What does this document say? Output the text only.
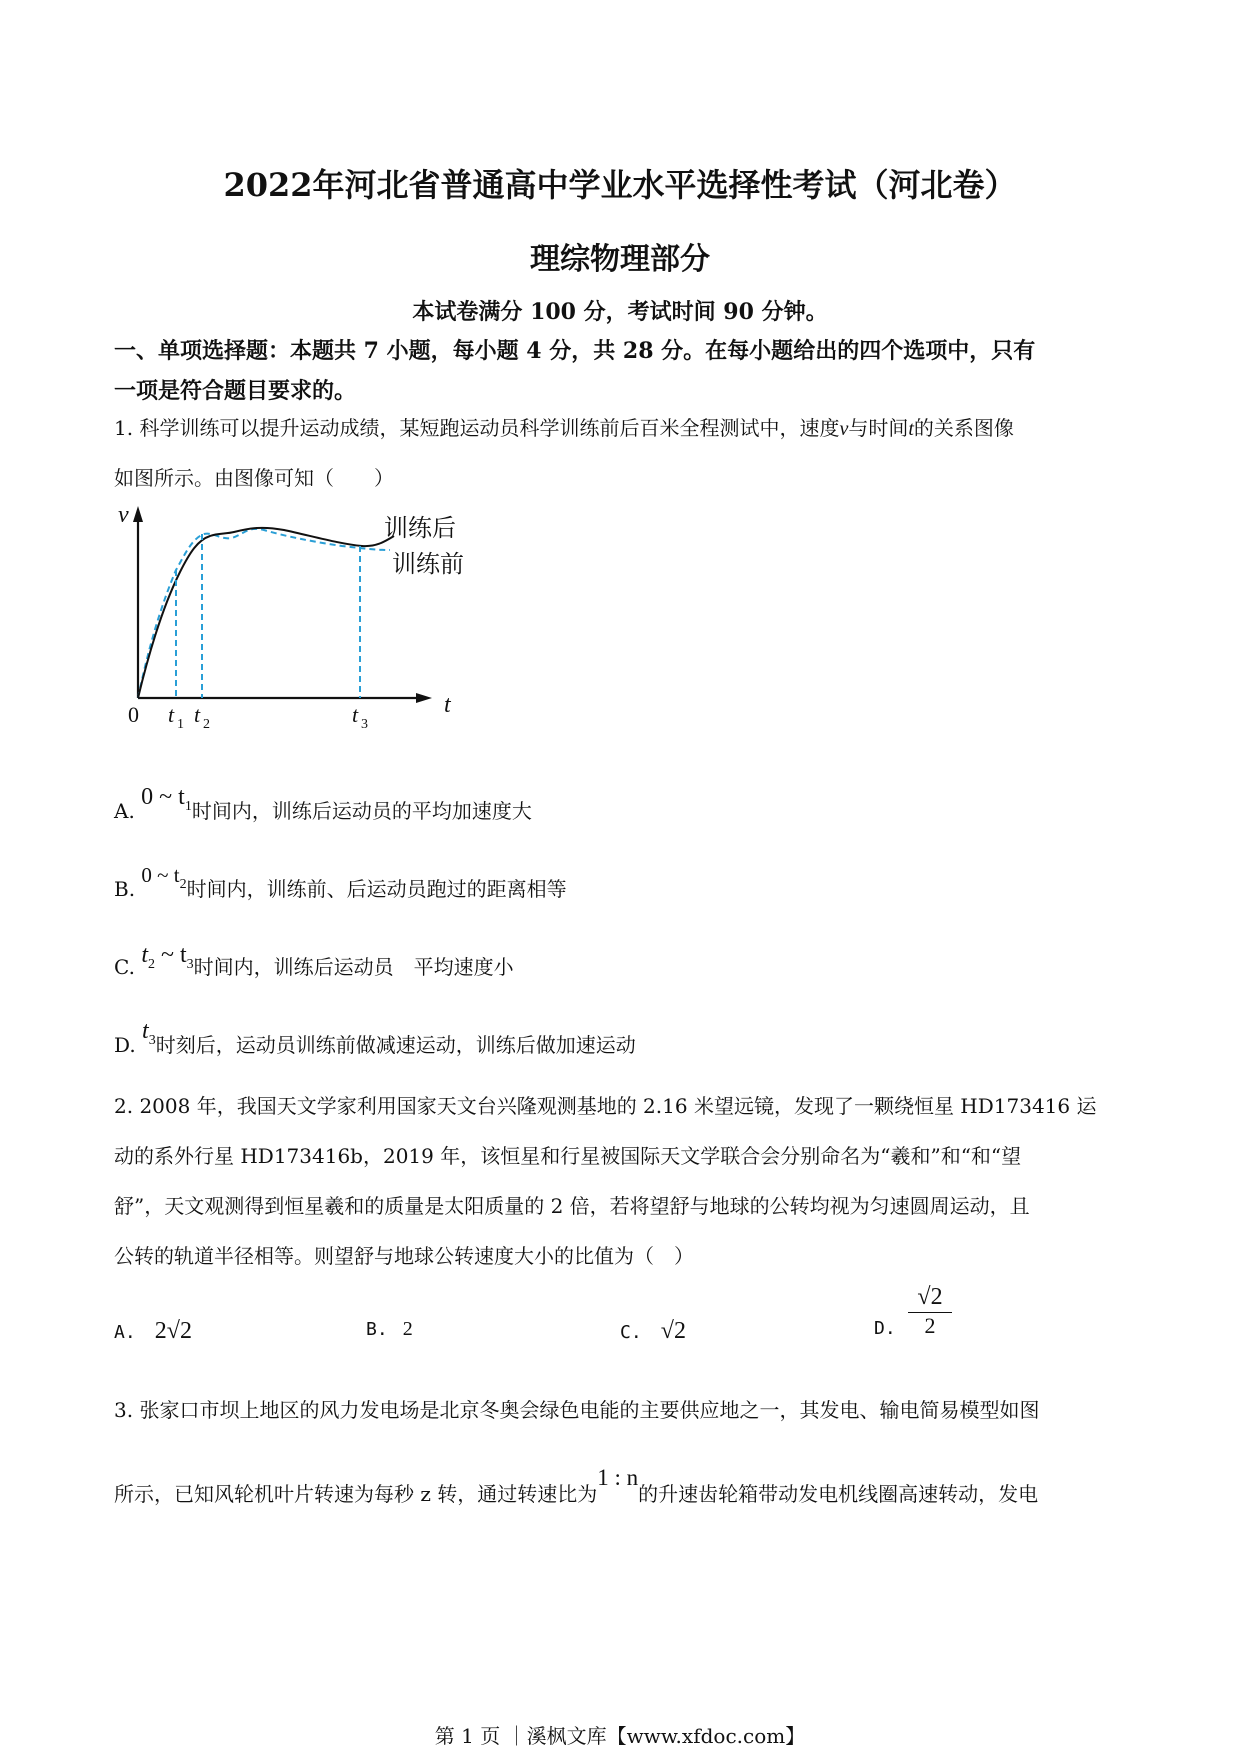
2022年河北省普通高中学业水平选择性考试（河北卷）
理综物理部分
本试卷满分 100 分，考试时间 90 分钟。
一、单项选择题：本题共 7 小题，每小题 4 分，共 28 分。在每小题给出的四个选项中，只有
一项是符合题目要求的。
1. 科学训练可以提升运动成绩，某短跑运动员科学训练前后百米全程测试中，速度v与时间t的关系图像
如图所示。由图像可知（　　）
v
t
0 t 1 t 2	t 3
训练后
训练前
A. 0 ~ $t_1$时间内，训练后运动员的平均加速度大
B. 0 ~ $t_2$时间内，训练前、后运动员跑过的距离相等
C. $t_2$ ~ $t_3$时间内，训练后运动员　平均速度小
D. $t_3$时刻后，运动员训练前做减速运动，训练后做加速运动
2. 2008 年，我国天文学家利用国家天文台兴隆观测基地的 2.16 米望远镜，发现了一颗绕恒星 HD173416 运
动的系外行星 HD173416b，2019 年，该恒星和行星被国际天文学联合会分别命名为“羲和”和“和“望
舒”，天文观测得到恒星羲和的质量是太阳质量的 2 倍，若将望舒与地球的公转均视为匀速圆周运动，且
公转的轨道半径相等。则望舒与地球公转速度大小的比值为（　）
A. 2√2	B. 2	C. √2	D. $\frac{√2}{2}$
3. 张家口市坝上地区的风力发电场是北京冬奥会绿色电能的主要供应地之一，其发电、输电简易模型如图
所示，已知风轮机叶片转速为每秒 z 转，通过转速比为1 : n的升速齿轮箱带动发电机线圈高速转动，发电
第 1 页 ｜溪枫文库【www.xfdoc.com】
